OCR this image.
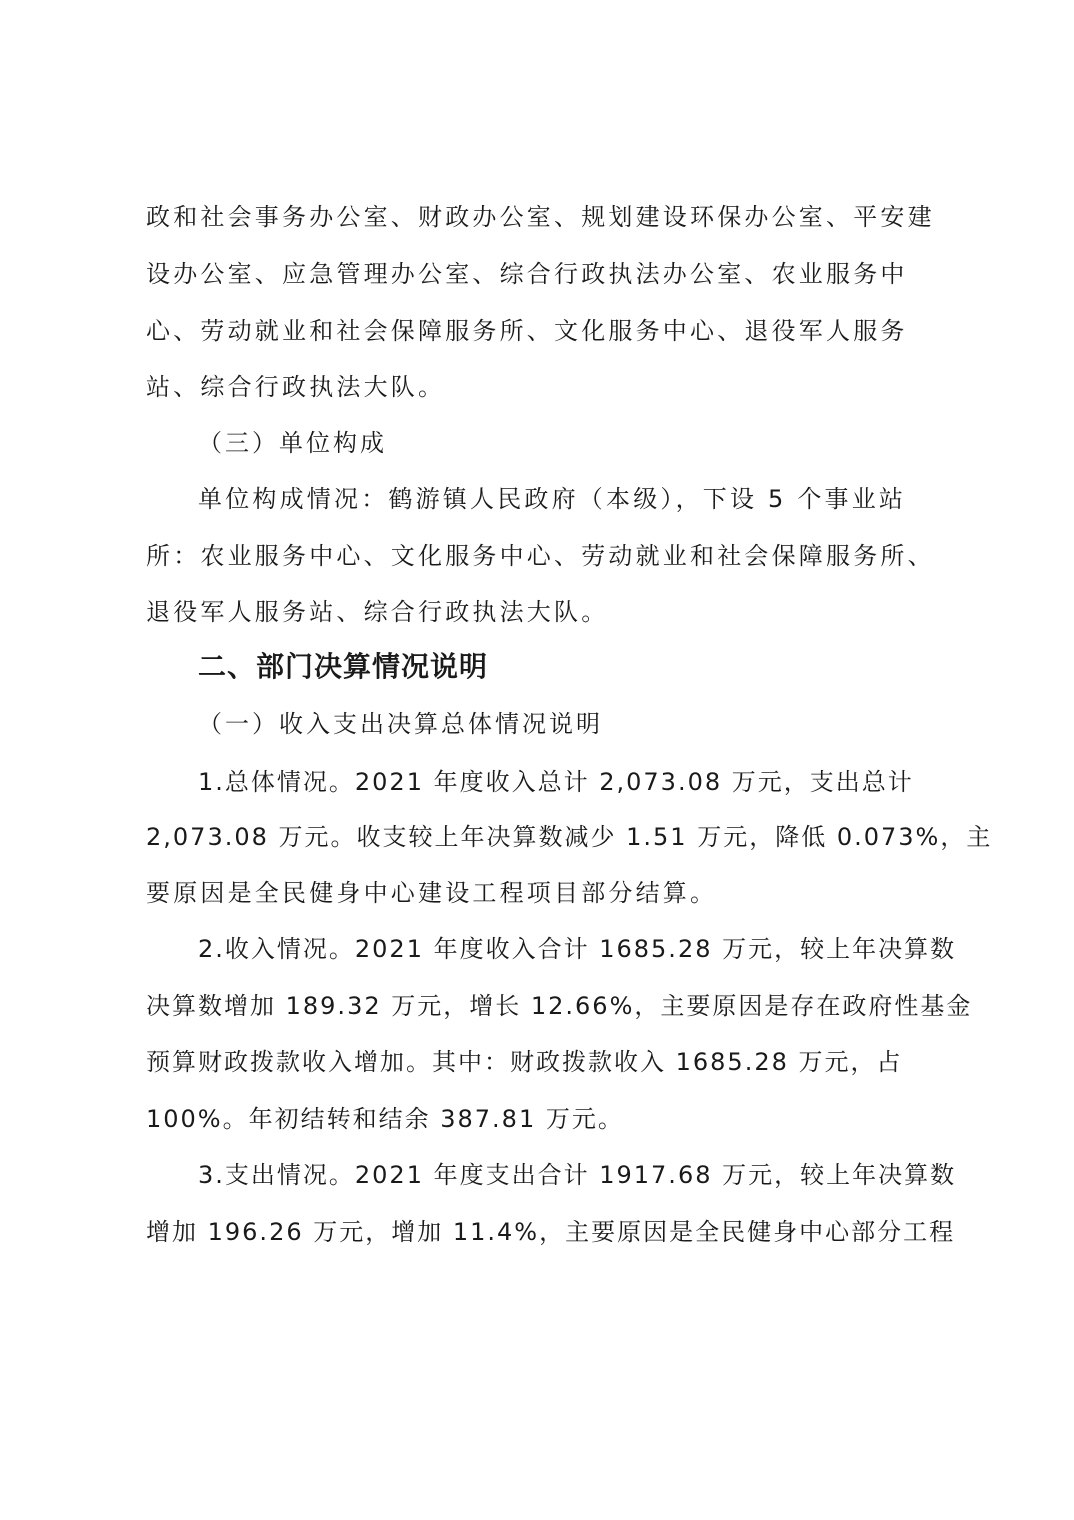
政和社会事务办公室、财政办公室、规划建设环保办公室、平安建

设办公室、应急管理办公室、综合行政执法办公室、农业服务中

心、劳动就业和社会保障服务所、文化服务中心、退役军人服务

站、综合行政执法大队。

（三）单位构成

单位构成情况：鹤游镇人民政府（本级），下设 5 个事业站

所：农业服务中心、文化服务中心、劳动就业和社会保障服务所、

退役军人服务站、综合行政执法大队。

二、部门决算情况说明

（一）收入支出决算总体情况说明

1.总体情况。2021 年度收入总计 2,073.08 万元，支出总计

2,073.08 万元。收支较上年决算数减少 1.51 万元，降低 0.073%，主

要原因是全民健身中心建设工程项目部分结算。

2.收入情况。2021 年度收入合计 1685.28 万元，较上年决算数

决算数增加 189.32 万元，增长 12.66%，主要原因是存在政府性基金

预算财政拨款收入增加。其中：财政拨款收入 1685.28 万元，占

100%。年初结转和结余 387.81 万元。

3.支出情况。2021 年度支出合计 1917.68 万元，较上年决算数

增加 196.26 万元，增加 11.4%，主要原因是全民健身中心部分工程
